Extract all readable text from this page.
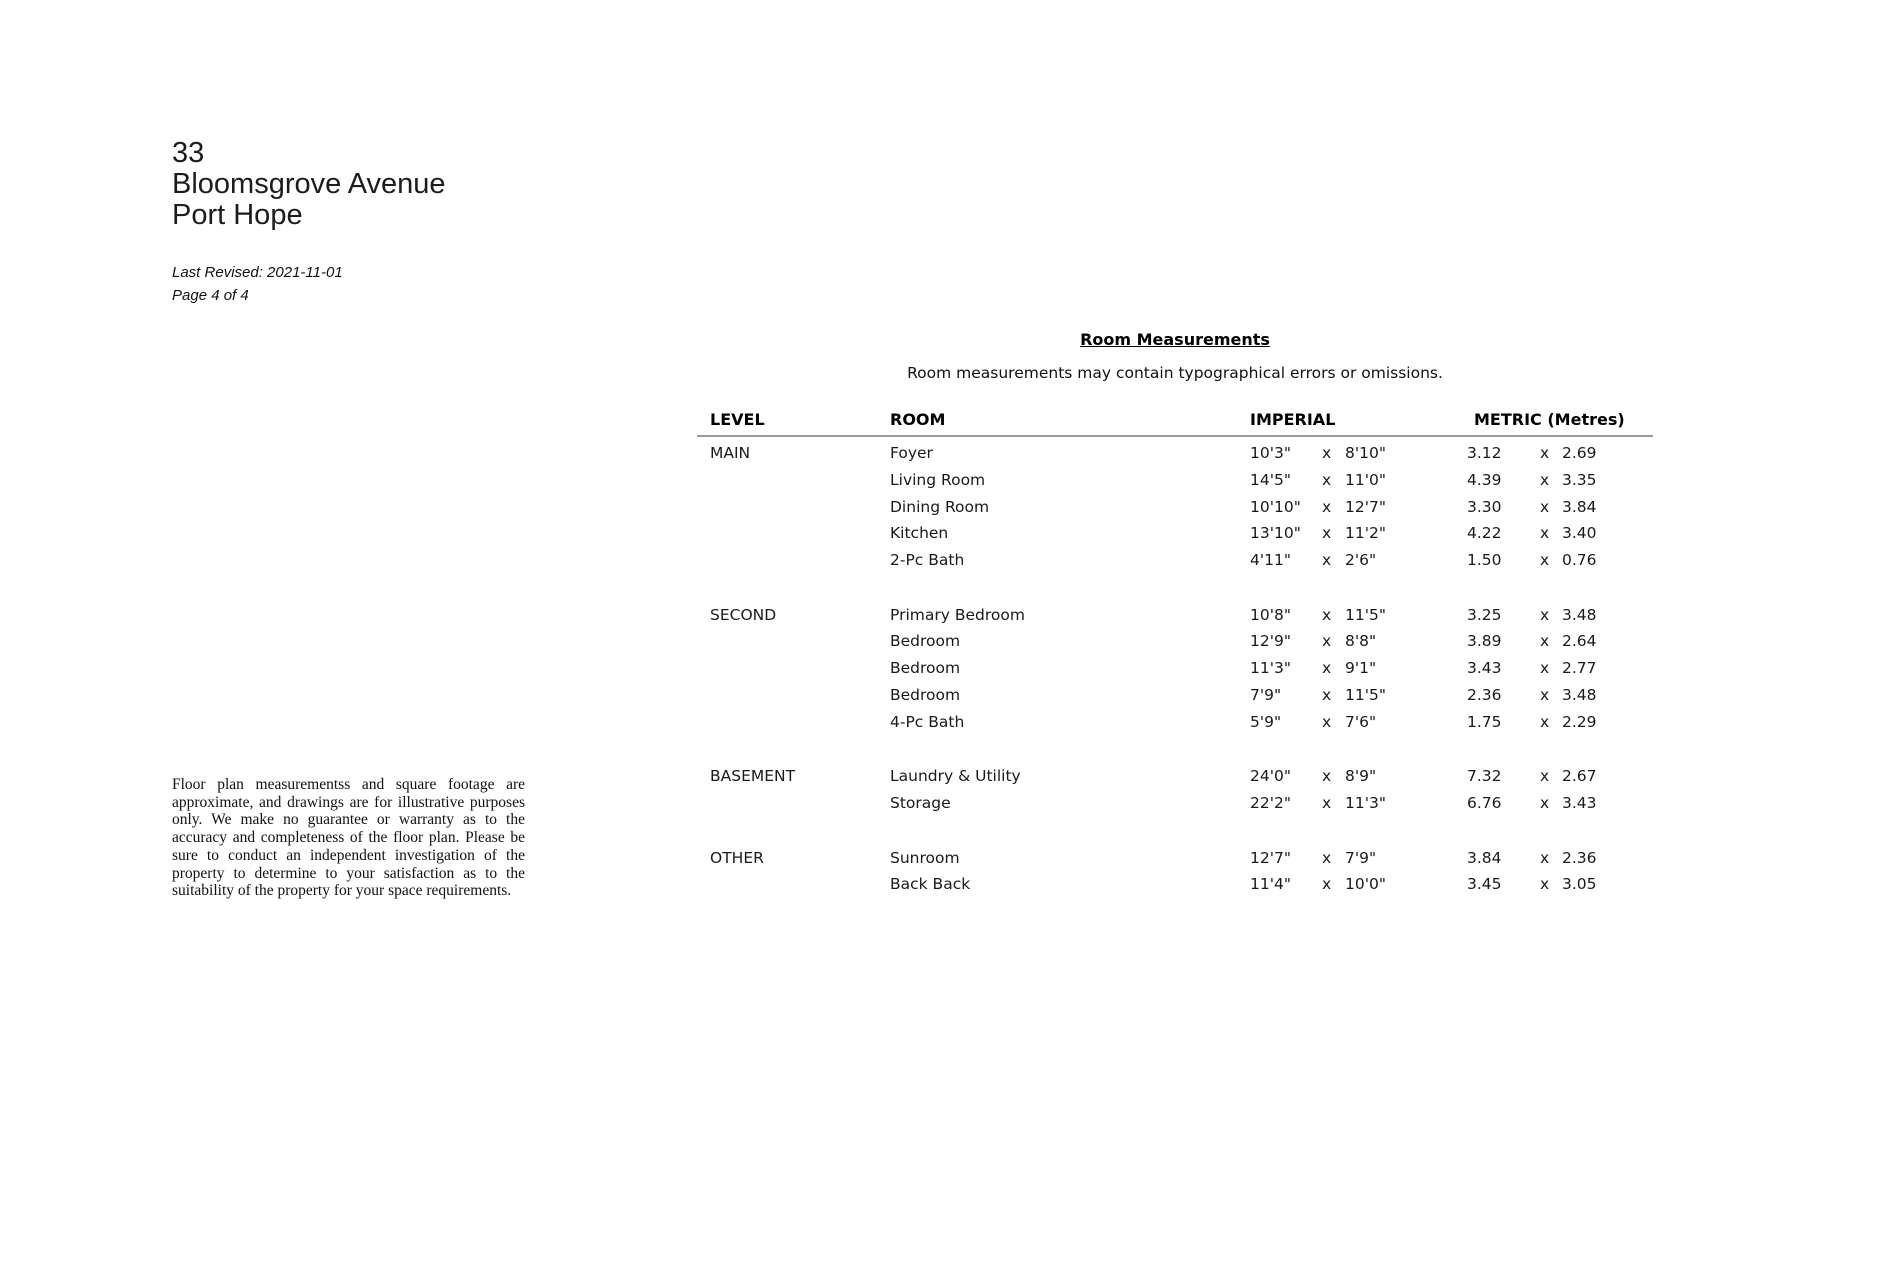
33
Bloomsgrove Avenue
Port Hope
Last Revised: 2021-11-01
Page 4 of 4
Floor plan measurementss and square footage are approximate, and drawings are for illustrative purposes only. We make no guarantee or warranty as to the accuracy and completeness of the floor plan. Please be sure to conduct an independent investigation of the property to determine to your satisfaction as to the suitability of the property for your space requirements.
Room Measurements
Room measurements may contain typographical errors or omissions.
LEVEL	ROOM	IMPERIAL	METRIC (Metres)
MAIN	Foyer	10'3"	x 8'10"	3.12	x 2.69
Living Room	14'5"	x 11'0"	4.39	x 3.35
Dining Room	10'10"	x 12'7"	3.30	x 3.84
Kitchen	13'10"	x 11'2"	4.22	x 3.40
2-Pc Bath	4'11"	x 2'6"	1.50	x 0.76
SECOND	Primary Bedroom	10'8"	x 11'5"	3.25	x 3.48
Bedroom	12'9"	x 8'8"	3.89	x 2.64
Bedroom	11'3"	x 9'1"	3.43	x 2.77
Bedroom	7'9"	x 11'5"	2.36	x 3.48
4-Pc Bath	5'9"	x 7'6"	1.75	x 2.29
BASEMENT	Laundry & Utility	24'0"	x 8'9"	7.32	x 2.67
Storage	22'2"	x 11'3"	6.76	x 3.43
OTHER	Sunroom	12'7"	x 7'9"	3.84	x 2.36
Back Back	11'4"	x 10'0"	3.45	x 3.05
